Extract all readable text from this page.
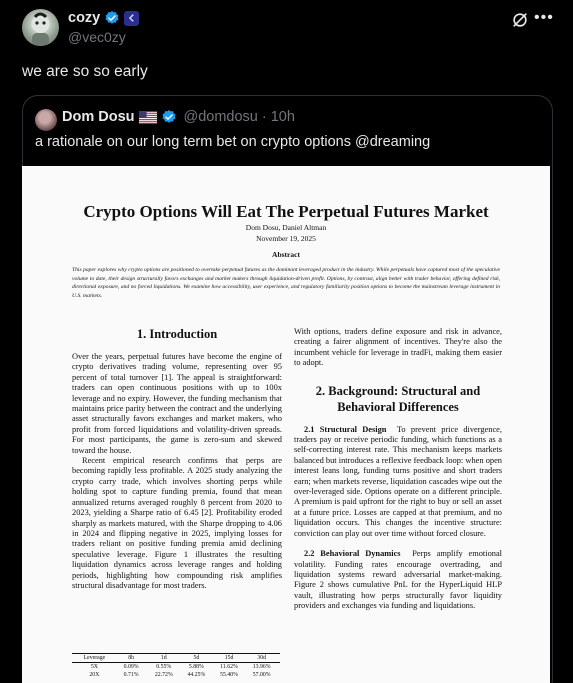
cozy
@vec0zy
•••
we are so so early
Dom Dosu	@domdosu · 10h
a rationale on our long term bet on crypto options @dreaming
Crypto Options Will Eat The Perpetual Futures Market
Dom Dosu, Daniel Altman
November 19, 2025
Abstract
This paper explores why crypto options are positioned to overtake perpetual futures as the dominant leveraged product in the industry. While perpetuals have captured most of the speculative volume to date, their design structurally favors exchanges and market makers through liquidation-driven profit. Options, by contrast, align better with trader behavior, offering defined risk, directional exposure, and no forced liquidations. We examine how accessibility, user experience, and regulatory familiarity position options to become the mainstream leverage instrument in U.S. markets.
1. Introduction

Over the years, perpetual futures have become the engine of crypto derivatives trading volume, representing over 95 percent of total turnover [1]. The appeal is straightforward: traders can open continuous positions with up to 100x leverage and no expiry. However, the funding mechanism that maintains price parity between the contract and the underlying asset structurally favors exchanges and market makers, who profit from forced liquidations and volatility-driven spreads. For most participants, the game is zero-sum and skewed toward the house.

Recent empirical research confirms that perps are becoming rapidly less profitable. A 2025 study analyzing the crypto carry trade, which involves shorting perps while holding spot to capture funding premia, found that mean annualized returns averaged roughly 8 percent from 2020 to 2023, yielding a Sharpe ratio of 6.45 [2]. Profitability eroded sharply as markets matured, with the Sharpe dropping to 4.06 in 2024 and flipping negative in 2025, implying losses for traders reliant on positive funding premia amid declining speculative leverage. Figure 1 illustrates the resulting liquidation dynamics across leverage ranges and holding periods, highlighting how compounding risk amplifies structural disadvantage for most traders.

With options, traders define exposure and risk in advance, creating a fairer alignment of incentives. They're also the incumbent vehicle for leverage in tradFi, making them easier to adopt.

2. Background: Structural and Behavioral Differences

2.1 Structural Design To prevent price divergence, traders pay or receive periodic funding, which functions as a self-correcting interest rate. This mechanism keeps markets balanced but introduces a reflexive feedback loop: when open interest leans long, funding turns positive and short traders earn; when markets reverse, liquidation cascades wipe out the over-leveraged side. Options operate on a different principle. A premium is paid upfront for the right to buy or sell an asset at a future price. Losses are capped at that premium, and no liquidation occurs. This changes the incentive structure: conviction can play out over time without forced closure.

2.2 Behavioral Dynamics Perps amplify emotional volatility. Funding rates encourage overtrading, and liquidation systems reward adversarial market-making. Figure 2 shows cumulative PnL for the HyperLiquid HLP vault, illustrating how perps structurally favor liquidity providers and exchanges via funding and liquidations.

Leverage	8h	1d	5d	15d	30d
5X	0.09%	0.55%	5.88%	11.62%	13.96%
20X	0.71%	22.72%	44.25%	55.40%	57.00%
